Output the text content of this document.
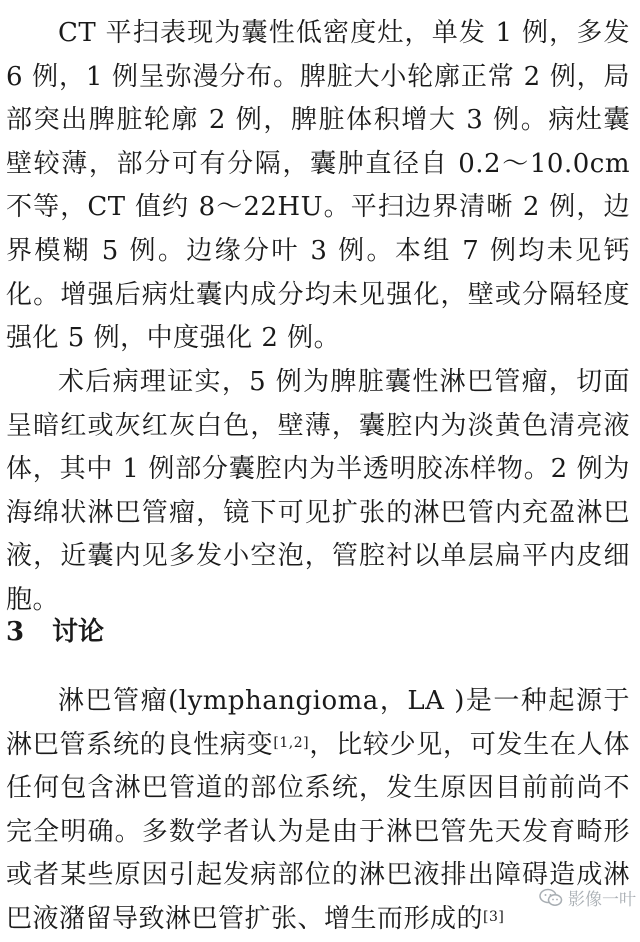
CT 平扫表现为囊性低密度灶，单发 1 例，多发 6 例，1 例呈弥漫分布。脾脏大小轮廓正常 2 例，局部突出脾脏轮廓 2 例，脾脏体积增大 3 例。病灶囊壁较薄，部分可有分隔，囊肿直径自 0.2～10.0cm 不等，CT 值约 8～22HU。平扫边界清晰 2 例，边界模糊 5 例。边缘分叶 3 例。本组 7 例均未见钙化。增强后病灶囊内成分均未见强化，壁或分隔轻度强化 5 例，中度强化 2 例。

术后病理证实，5 例为脾脏囊性淋巴管瘤，切面呈暗红或灰红灰白色，壁薄，囊腔内为淡黄色清亮液体，其中 1 例部分囊腔内为半透明胶冻样物。2 例为海绵状淋巴管瘤，镜下可见扩张的淋巴管内充盈淋巴液，近囊内见多发小空泡，管腔衬以单层扁平内皮细胞。

3 讨论

淋巴管瘤(lymphangioma，LA )是一种起源于淋巴管系统的良性病变[1,2]，比较少见，可发生在人体任何包含淋巴管道的部位系统，发生原因目前前尚不完全明确。多数学者认为是由于淋巴管先天发育畸形或者某些原因引起发病部位的淋巴液排出障碍造成淋巴液潴留导致淋巴管扩张、增生而形成的[3]

影像一叶
